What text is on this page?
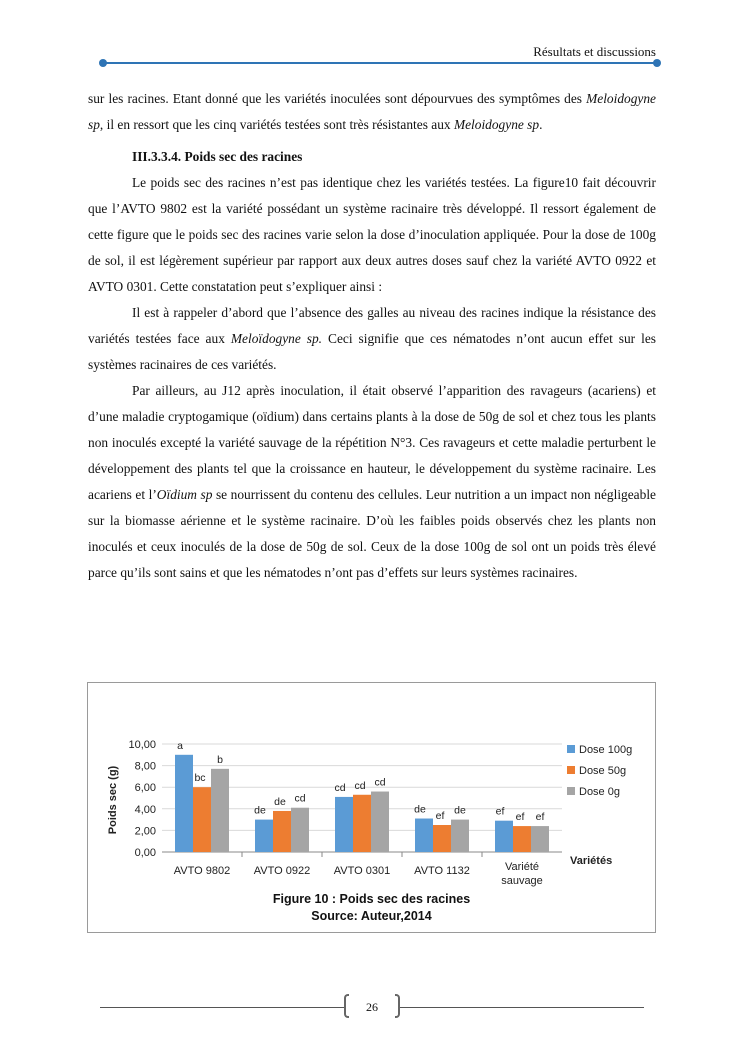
Résultats et discussions

sur les racines. Etant donné que les variétés inoculées sont dépourvues des symptômes des Meloidogyne sp, il en ressort que les cinq variétés testées sont très résistantes aux Meloidogyne sp.

III.3.3.4. Poids sec des racines

Le poids sec des racines n’est pas identique chez les variétés testées. La figure10 fait découvrir que l’AVTO 9802 est la variété possédant un système racinaire très développé. Il ressort également de cette figure que le poids sec des racines varie selon la dose d’inoculation appliquée. Pour la dose de 100g de sol, il est légèrement supérieur par rapport aux deux autres doses sauf chez la variété AVTO 0922 et AVTO 0301. Cette constatation peut s’expliquer ainsi :

Il est à rappeler d’abord que l’absence des galles au niveau des racines indique la résistance des variétés testées face aux Meloïdogyne sp. Ceci signifie que ces nématodes n’ont aucun effet sur les systèmes racinaires de ces variétés.

Par ailleurs, au J12 après inoculation, il était observé l’apparition des ravageurs (acariens) et d’une maladie cryptogamique (oïdium) dans certains plants à la dose de 50g de sol et chez tous les plants non inoculés excepté la variété sauvage de la répétition N°3. Ces ravageurs et cette maladie perturbent le développement des plants tel que la croissance en hauteur, le développement du système racinaire. Les acariens et l’Oïdium sp se nourrissent du contenu des cellules. Leur nutrition a un impact non négligeable sur la biomasse aérienne et le système racinaire. D’où les faibles poids observés chez les plants non inoculés et ceux inoculés de la dose de 50g de sol. Ceux de la dose 100g de sol ont un poids très élevé parce qu’ils sont sains et que les nématodes n’ont pas d’effets sur leurs systèmes racinaires.

0,00
2,00
4,00
6,00
8,00
10,00 a
bc
b
AVTO 9802
de
de cd
AVTO 0922
cd cd cd
AVTO 0301
de
ef de
AVTO 1132
ef ef ef
Variété
sauvage
Poids sec (g)
Variétés
Dose 100g
Dose 50g
Dose 0g
Figure 10 : Poids sec des racines
Source: Auteur,2014
26
